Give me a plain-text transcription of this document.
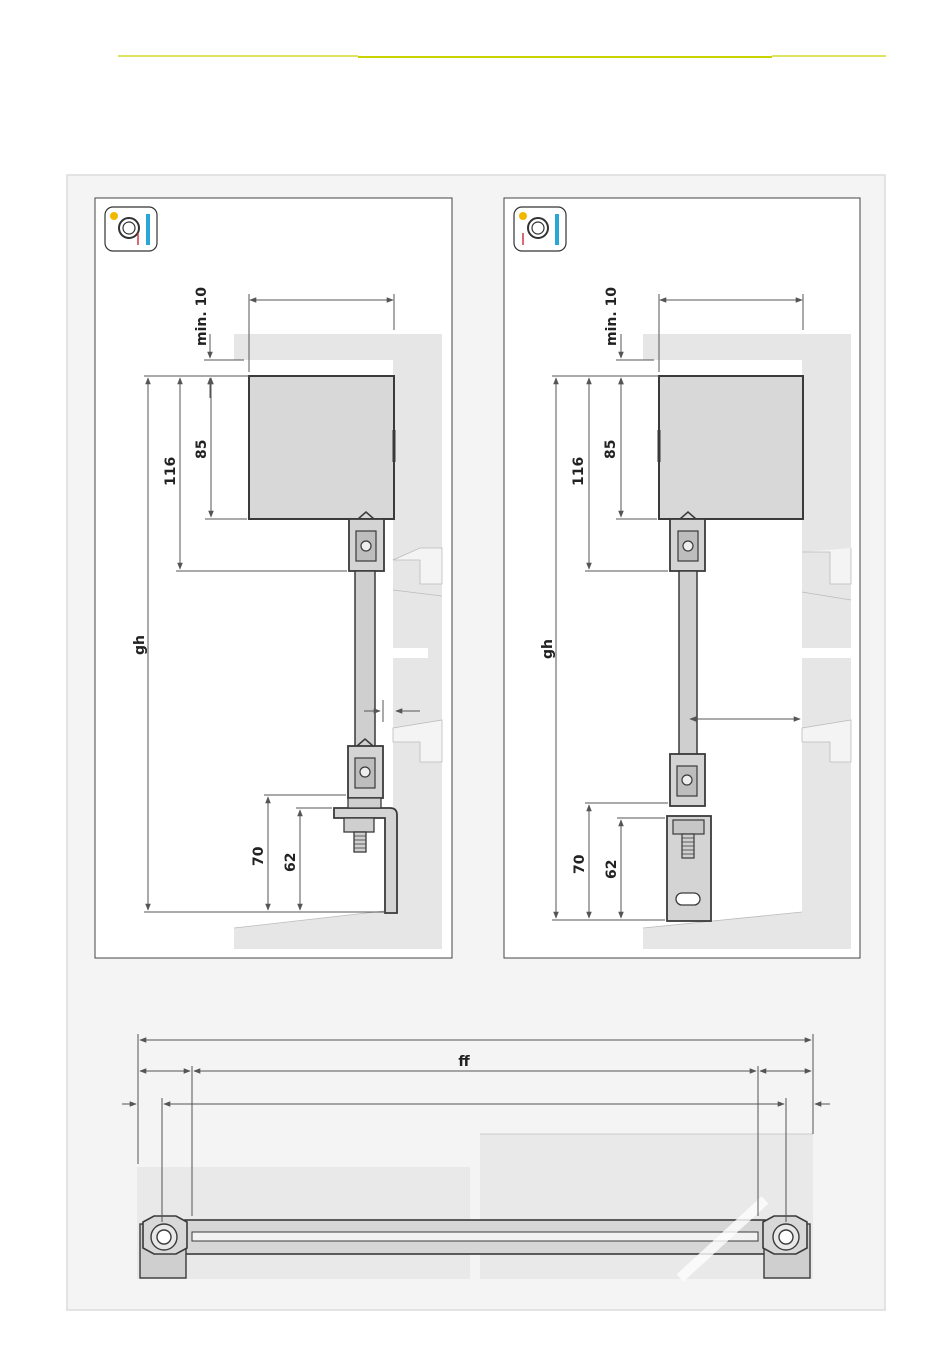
min. 10
85
116
gh
70 62
min. 10
85
116
gh
70 62
ff
